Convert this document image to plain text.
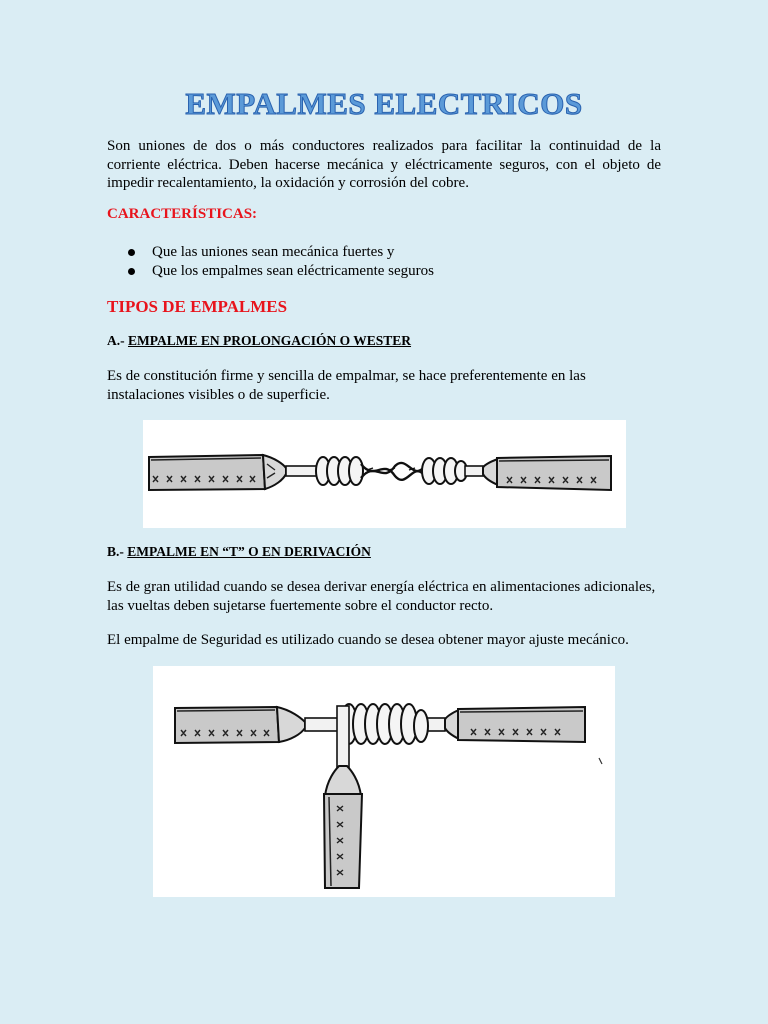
EMPALMES ELECTRICOS

Son uniones de dos o más conductores realizados para facilitar la continuidad de la corriente eléctrica. Deben hacerse mecánica y eléctricamente seguros, con el objeto de impedir recalentamiento, la oxidación y corrosión del cobre.

CARACTERÍSTICAS:

Que las uniones sean mecánica fuertes y
Que los empalmes sean eléctricamente seguros

TIPOS DE EMPALMES

A.- EMPALME EN PROLONGACIÓN O WESTER

Es de constitución firme y sencilla de empalmar, se hace preferentemente en las instalaciones visibles o de superficie.

B.- EMPALME EN “T” O EN DERIVACIÓN

Es de gran utilidad cuando se desea derivar energía eléctrica en alimentaciones adicionales, las vueltas deben sujetarse fuertemente sobre el conductor recto.

El empalme de Seguridad es utilizado cuando se desea obtener mayor ajuste mecánico.
